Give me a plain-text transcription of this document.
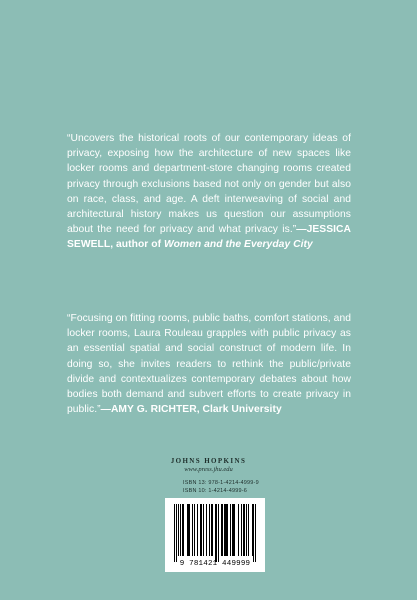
“Uncovers the historical roots of our contemporary ideas of privacy, exposing how the architecture of new spaces like locker rooms and department-store changing rooms created privacy through exclusions based not only on gender but also on race, class, and age. A deft interweaving of social and architectural history makes us question our assumptions about the need for privacy and what privacy is.”—JESSICA SEWELL, author of Women and the Everyday City
“Focusing on fitting rooms, public baths, comfort stations, and locker rooms, Laura Rouleau grapples with public privacy as an essential spatial and social construct of modern life. In doing so, she invites readers to rethink the public/private divide and contextualizes contemporary debates about how bodies both demand and subvert efforts to create privacy in public.”—AMY G. RICHTER, Clark University
JOHNS HOPKINS
www.press.jhu.edu
ISBN 13: 978-1-4214-4999-9
ISBN 10: 1-4214-4999-6
9 781421 449999
